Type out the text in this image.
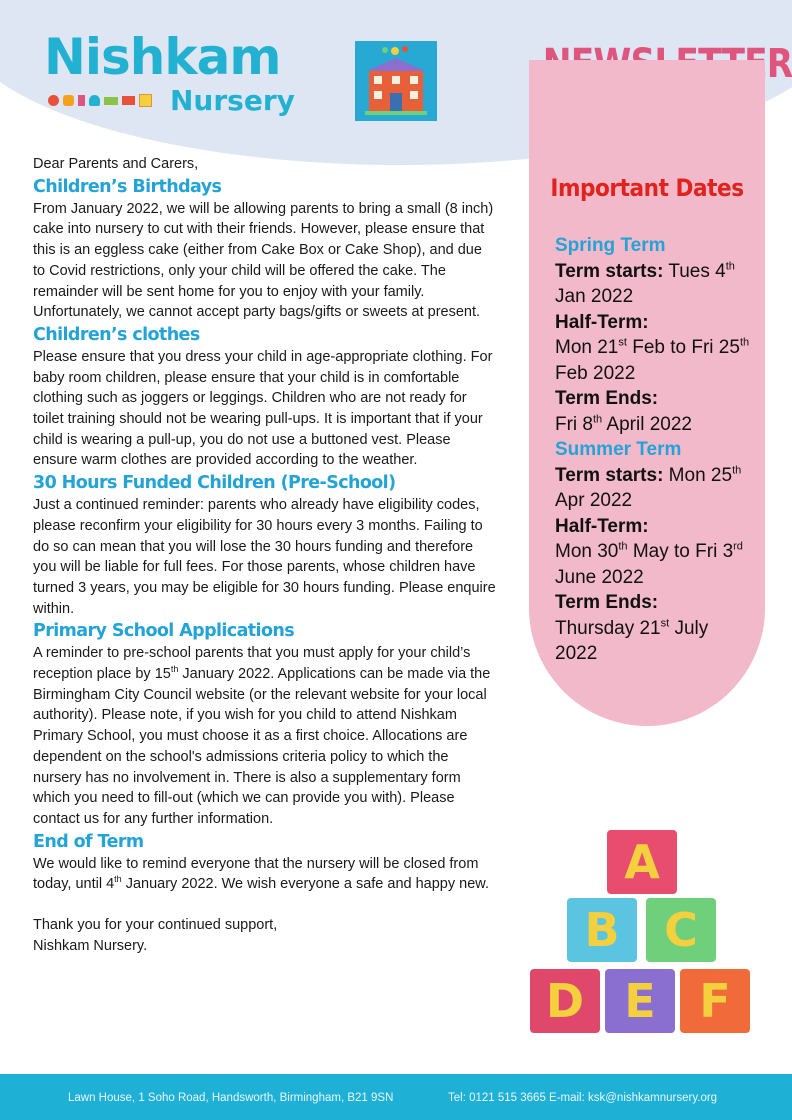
Nishkam
Nursery
Important Dates
Spring Term
Term starts: Tues 4th
Jan 2022
Half-Term:
Mon 21st Feb to Fri 25th Feb 2022
Term Ends:
Fri 8th April 2022
Summer Term
Term starts: Mon 25th Apr 2022
Half-Term:
Mon 30th May to Fri 3rd June 2022
Term Ends:
Thursday 21st July 2022

Dear Parents and Carers,

Children’s Birthdays

From January 2022, we will be allowing parents to bring a small (8 inch) cake into nursery to cut with their friends. However, please ensure that this is an eggless cake (either from Cake Box or Cake Shop), and due to Covid restrictions, only your child will be offered the cake. The remainder will be sent home for you to enjoy with your family. Unfortunately, we cannot accept party bags/gifts or sweets at present.

Children’s clothes

Please ensure that you dress your child in age-appropriate clothing. For baby room children, please ensure that your child is in comfortable clothing such as joggers or leggings. Children who are not ready for toilet training should not be wearing pull-ups. It is important that if your child is wearing a pull-up, you do not use a buttoned vest. Please ensure warm clothes are provided according to the weather.

30 Hours Funded Children (Pre-School)

Just a continued reminder: parents who already have eligibility codes, please reconfirm your eligibility for 30 hours every 3 months. Failing to do so can mean that you will lose the 30 hours funding and therefore you will be liable for full fees. For those parents, whose children have turned 3 years, you may be eligible for 30 hours funding. Please enquire within.

Primary School Applications

A reminder to pre-school parents that you must apply for your child’s reception place by 15th January 2022. Applications can be made via the Birmingham City Council website (or the relevant website for your local authority). Please note, if you wish for you child to attend Nishkam Primary School, you must choose it as a first choice. Allocations are dependent on the school's admissions criteria policy to which the nursery has no involvement in. There is also a supplementary form which you need to fill-out (which we can provide you with). Please contact us for any further information.

End of Term

We would like to remind everyone that the nursery will be closed from today, until 4th January 2022. We wish everyone a safe and happy new.

Thank you for your continued support,

Nishkam Nursery.

A
B C
D E F
Lawn House, 1 Soho Road, Handsworth, Birmingham, B21 9SN	Tel: 0121 515 3665 E-mail: ksk@nishkamnursery.org
